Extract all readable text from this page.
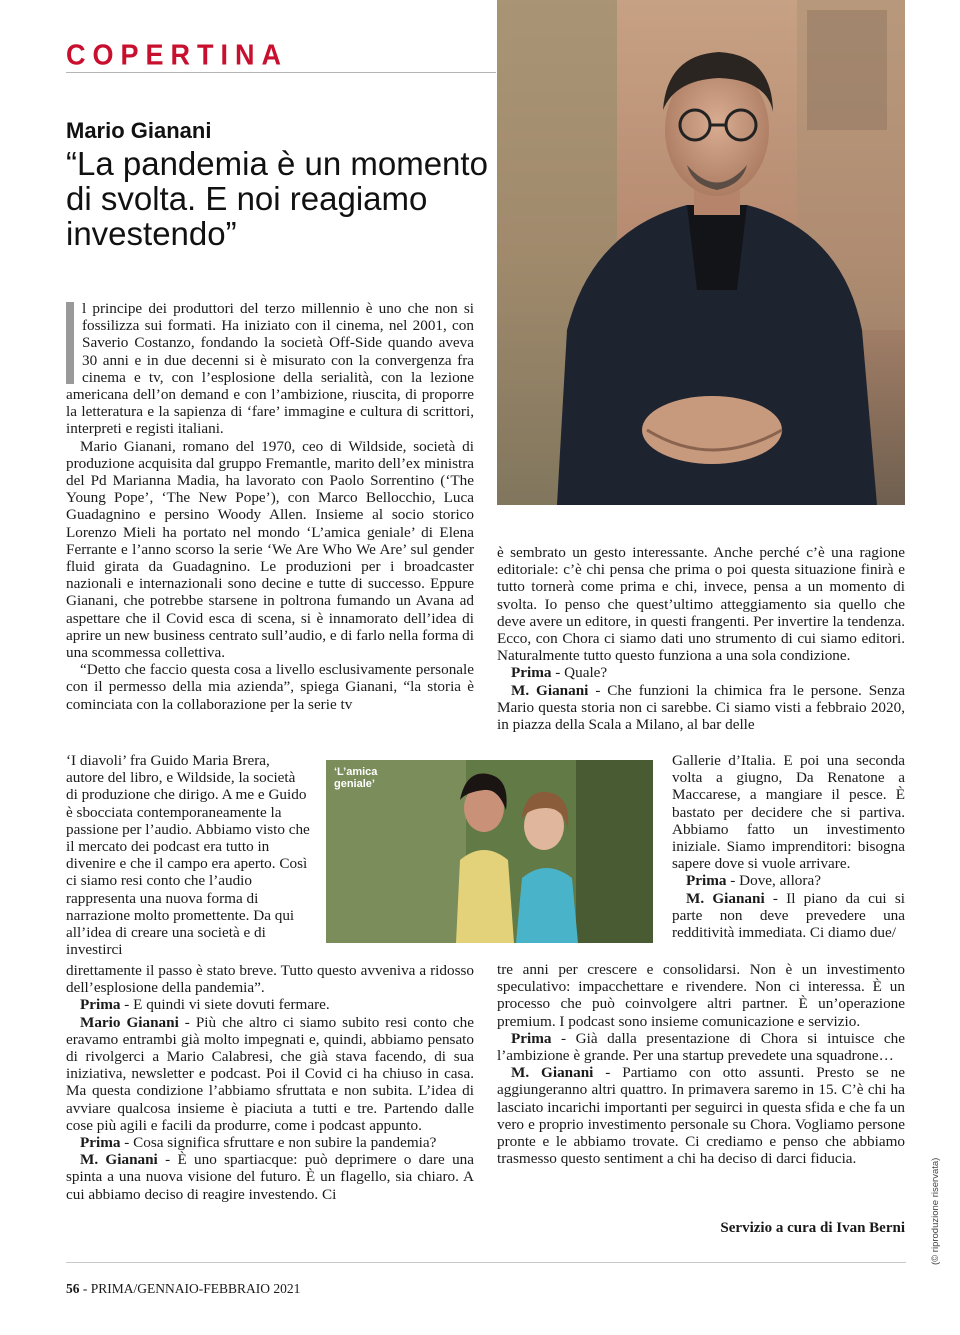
COPERTINA
Mario Gianani
“La pandemia è un momento di svolta. E noi reagiamo investendo”

l principe dei produttori del terzo millennio è uno che non si fossilizza sui formati. Ha iniziato con il cinema, nel 2001, con Saverio Costanzo, fondando la società Off-Side quando aveva 30 anni e in due decenni si è misurato con la convergenza fra cinema e tv, con l’esplosione della serialità, con la lezione americana dell’on demand e con l’ambizione, riuscita, di proporre la letteratura e la sapienza di ‘fare’ immagine e cultura di scrittori, interpreti e registi italiani.

Mario Gianani, romano del 1970, ceo di Wildside, società di produzione acquisita dal gruppo Fremantle, marito dell’ex ministra del Pd Marianna Madia, ha lavorato con Paolo Sorrentino (‘The Young Pope’, ‘The New Pope’), con Marco Bellocchio, Luca Guadagnino e persino Woody Allen. Insieme al socio storico Lorenzo Mieli ha portato nel mondo ‘L’amica geniale’ di Elena Ferrante e l’anno scorso la serie ‘We Are Who We Are’ sul gender fluid girata da Guadagnino. Le produzioni per i broadcaster nazionali e internazionali sono decine e tutte di successo. Eppure Gianani, che potrebbe starsene in poltrona fumando un Avana ad aspettare che il Covid esca di scena, si è innamorato dell’idea di aprire un new business centrato sull’audio, e di farlo nella forma di una scommessa collettiva.

“Detto che faccio questa cosa a livello esclusivamente personale con il permesso della mia azienda”, spiega Gianani, “la storia è cominciata con la collaborazione per la serie tv

‘I diavoli’ fra Guido Maria Brera, autore del libro, e Wildside, la società di produzione che dirigo. A me e Guido è sbocciata contemporaneamente la passione per l’audio. Abbiamo visto che il mercato dei podcast era tutto in divenire e che il campo era aperto. Così ci siamo resi conto che l’audio rappresenta una nuova forma di narrazione molto promettente. Da qui all’idea di creare una società e di investirci

‘L’amica geniale’

direttamente il passo è stato breve. Tutto questo avveniva a ridosso dell’esplosione della pandemia”.

Prima - E quindi vi siete dovuti fermare.

Mario Gianani - Più che altro ci siamo subito resi conto che eravamo entrambi già molto impegnati e, quindi, abbiamo pensato di rivolgerci a Mario Calabresi, che già stava facendo, di sua iniziativa, newsletter e podcast. Poi il Covid ci ha chiuso in casa. Ma questa condizione l’abbiamo sfruttata e non subita. L’idea di avviare qualcosa insieme è piaciuta a tutti e tre. Partendo dalle cose più agili e facili da produrre, come i podcast appunto.

Prima - Cosa significa sfruttare e non subire la pandemia?

M. Gianani - È uno spartiacque: può deprimere o dare una spinta a una nuova visione del futuro. È un flagello, sia chiaro. A cui abbiamo deciso di reagire investendo. Ci

è sembrato un gesto interessante. Anche perché c’è una ragione editoriale: c’è chi pensa che prima o poi questa situazione finirà e tutto tornerà come prima e chi, invece, pensa a un momento di svolta. Io penso che quest’ultimo atteggiamento sia quello che deve avere un editore, in questi frangenti. Per invertire la tendenza. Ecco, con Chora ci siamo dati uno strumento di cui siamo editori. Naturalmente tutto questo funziona a una sola condizione.

Prima - Quale?

M. Gianani - Che funzioni la chimica fra le persone. Senza Mario questa storia non ci sarebbe. Ci siamo visti a febbraio 2020, in piazza della Scala a Milano, al bar delle

Gallerie d’Italia. E poi una seconda volta a giugno, Da Renatone a Maccarese, a mangiare il pesce. È bastato per decidere che si partiva. Abbiamo fatto un investimento iniziale. Siamo imprenditori: bisogna sapere dove si vuole arrivare.

Prima - Dove, allora?

M. Gianani - Il piano da cui si parte non deve prevedere una redditività immediata. Ci diamo due/

tre anni per crescere e consolidarsi. Non è un investimento speculativo: impacchettare e rivendere. Non ci interessa. È un processo che può coinvolgere altri partner. È un’operazione premium. I podcast sono insieme comunicazione e servizio.

Prima - Già dalla presentazione di Chora si intuisce che l’ambizione è grande. Per una startup prevedete una squadrone…

M. Gianani - Partiamo con otto assunti. Presto se ne aggiungeranno altri quattro. In primavera saremo in 15. C’è chi ha lasciato incarichi importanti per seguirci in questa sfida e che fa un vero e proprio investimento personale su Chora. Vogliamo persone pronte e le abbiamo trovate. Ci crediamo e penso che abbiamo trasmesso questo sentiment a chi ha deciso di darci fiducia.

Servizio a cura di Ivan Berni
56 - PRIMA/GENNAIO-FEBBRAIO 2021
(© riproduzione riservata)
